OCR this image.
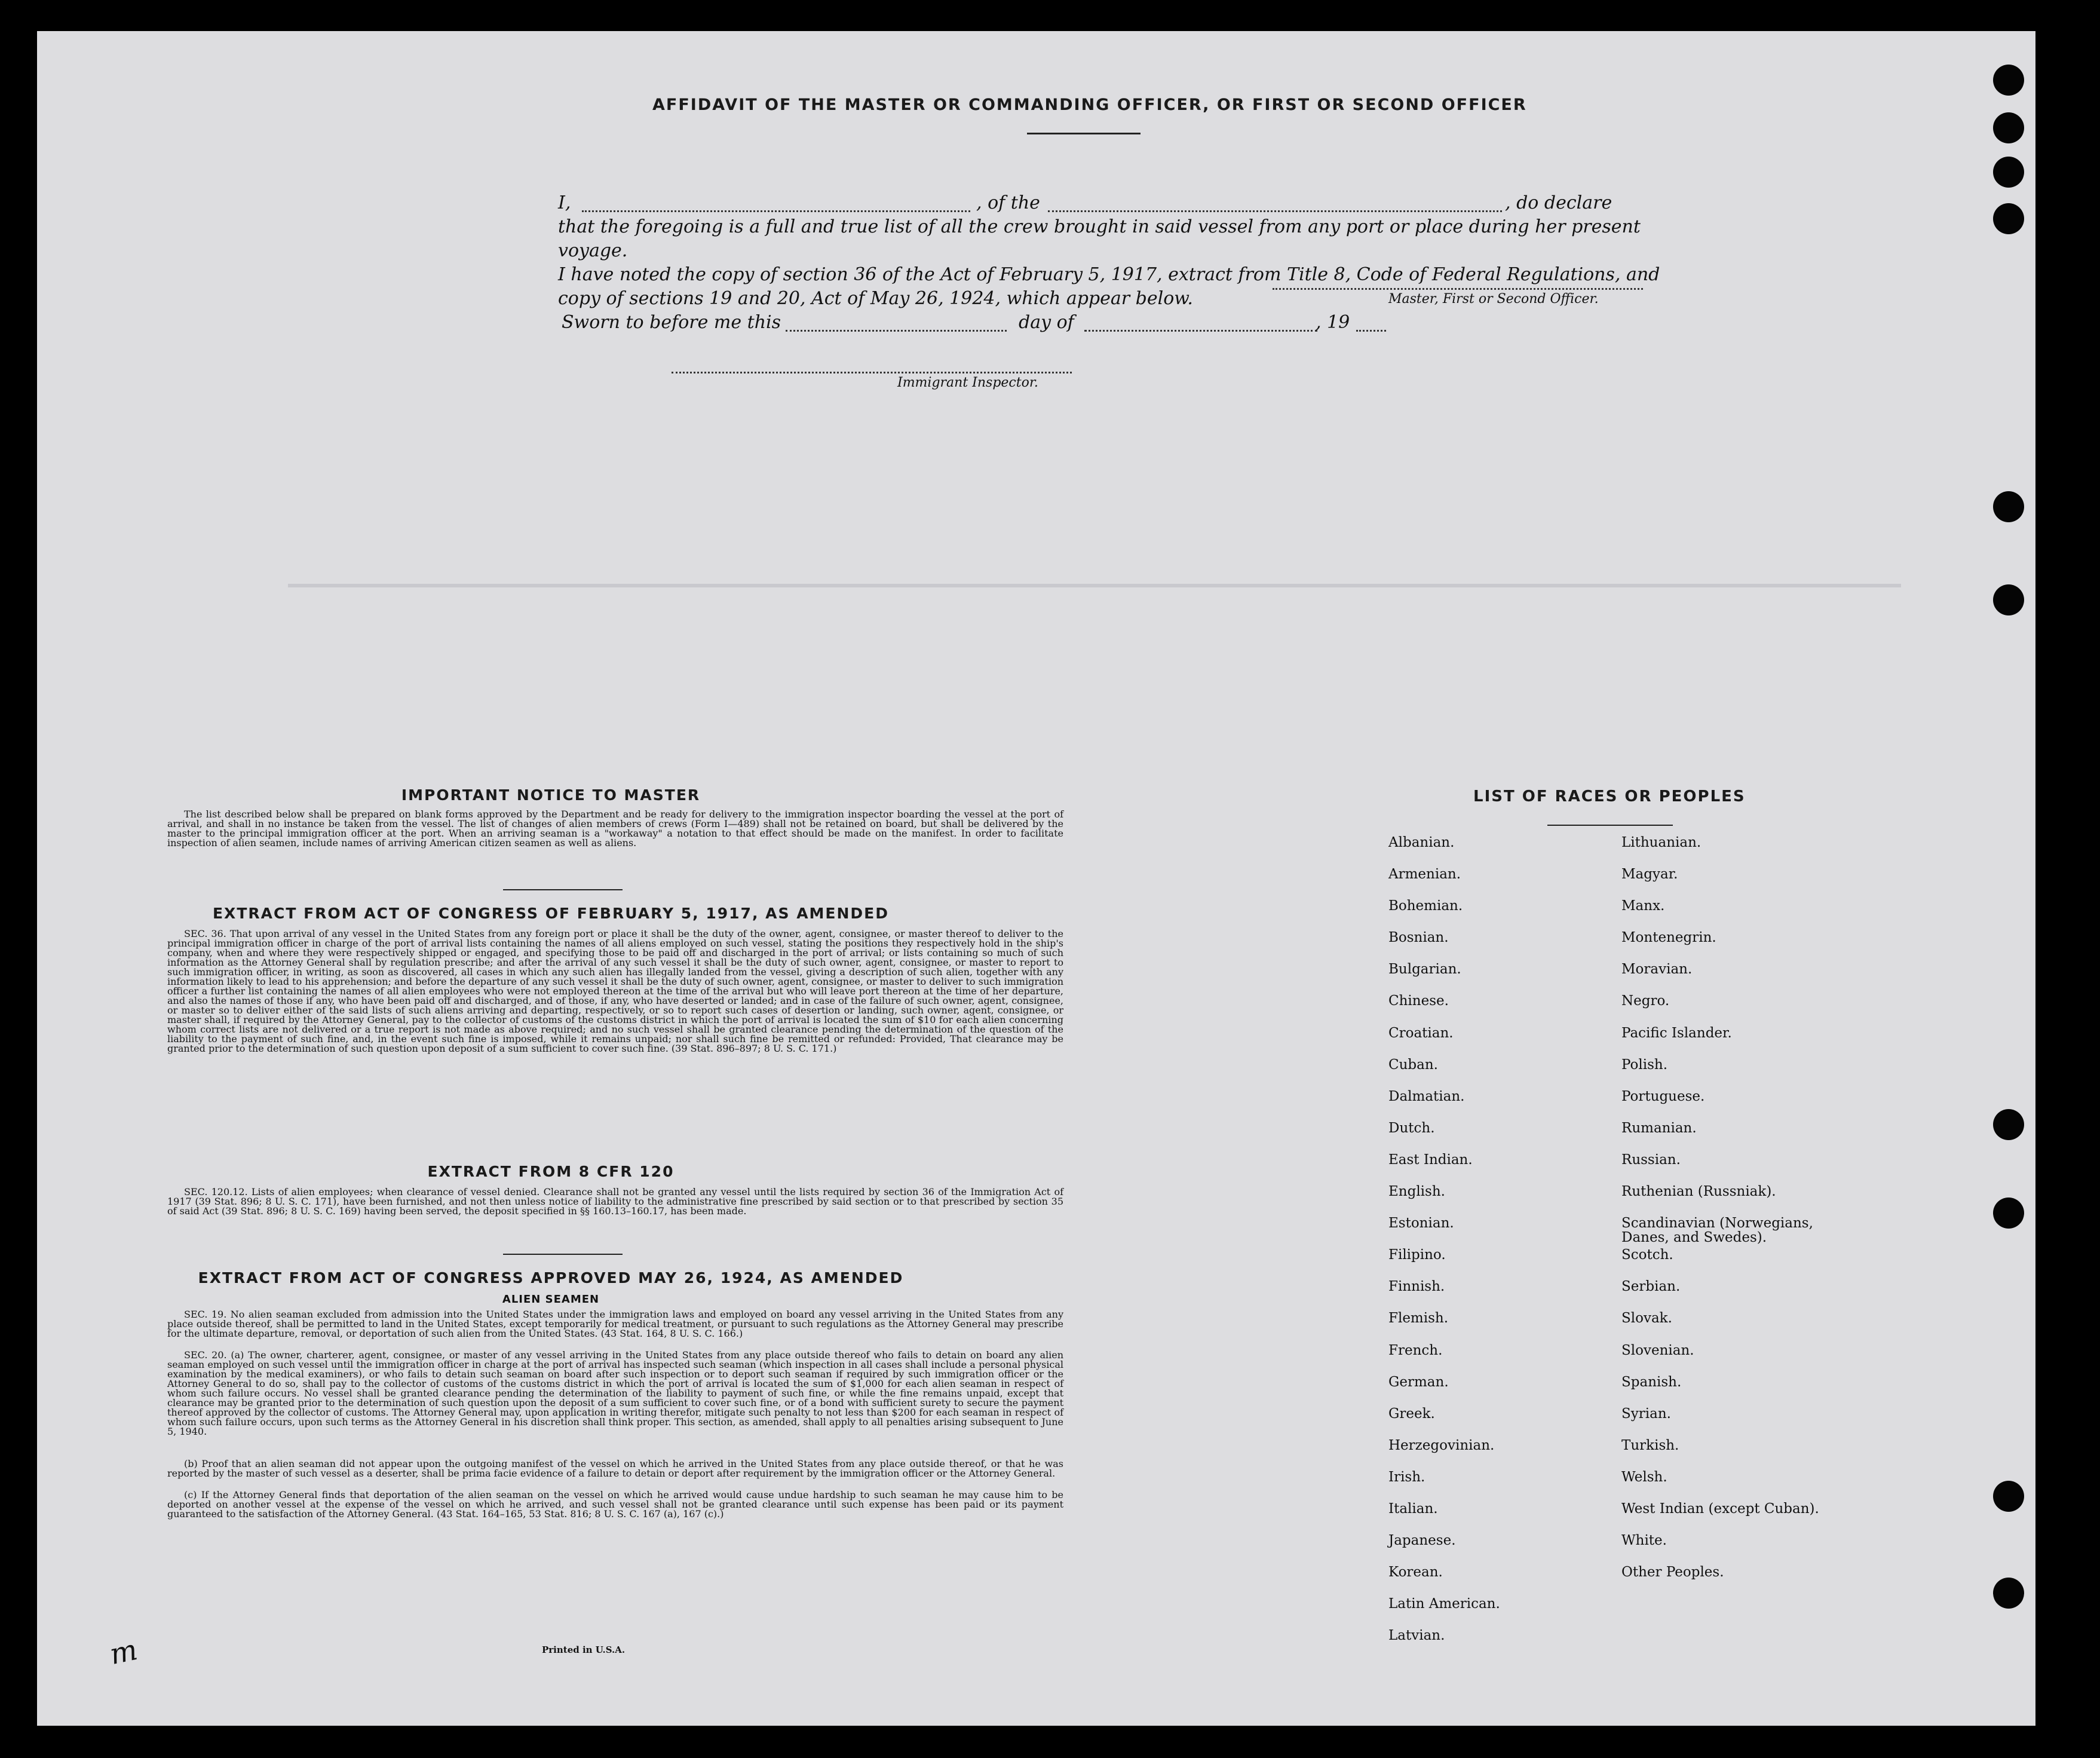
AFFIDAVIT OF THE MASTER OR COMMANDING OFFICER, OR FIRST OR SECOND OFFICER
I,	, of the	, do declare
that the foregoing is a full and true list of all the crew brought in said vessel from any port or place during her present voyage.
I have noted the copy of section 36 of the Act of February 5, 1917, extract from Title 8, Code of Federal Regulations, and
copy of sections 19 and 20, Act of May 26, 1924, which appear below.	Master, First or Second Officer.
Sworn to before me this	day of	, 19
Immigrant Inspector.
IMPORTANT NOTICE TO MASTER
The list described below shall be prepared on blank forms approved by the Department and be ready for delivery to the immigration inspector boarding the vessel at the port of arrival, and shall in no instance be taken from the vessel. The list of changes of alien members of crews (Form I—489) shall not be retained on board, but shall be delivered by the master to the principal immigration officer at the port. When an arriving seaman is a "workaway" a notation to that effect should be made on the manifest. In order to facilitate inspection of alien seamen, include names of arriving American citizen seamen as well as aliens.
EXTRACT FROM ACT OF CONGRESS OF FEBRUARY 5, 1917, AS AMENDED
SEC. 36. That upon arrival of any vessel in the United States from any foreign port or place it shall be the duty of the owner, agent, consignee, or master thereof to deliver to the principal immigration officer in charge of the port of arrival lists containing the names of all aliens employed on such vessel, stating the positions they respectively hold in the ship's company, when and where they were respectively shipped or engaged, and specifying those to be paid off and discharged in the port of arrival; or lists containing so much of such information as the Attorney General shall by regulation prescribe; and after the arrival of any such vessel it shall be the duty of such owner, agent, consignee, or master to report to such immigration officer, in writing, as soon as discovered, all cases in which any such alien has illegally landed from the vessel, giving a description of such alien, together with any information likely to lead to his apprehension; and before the departure of any such vessel it shall be the duty of such owner, agent, consignee, or master to deliver to such immigration officer a further list containing the names of all alien employees who were not employed thereon at the time of the arrival but who will leave port thereon at the time of her departure, and also the names of those if any, who have been paid off and discharged, and of those, if any, who have deserted or landed; and in case of the failure of such owner, agent, consignee, or master so to deliver either of the said lists of such aliens arriving and departing, respectively, or so to report such cases of desertion or landing, such owner, agent, consignee, or master shall, if required by the Attorney General, pay to the collector of customs of the customs district in which the port of arrival is located the sum of $10 for each alien concerning whom correct lists are not delivered or a true report is not made as above required; and no such vessel shall be granted clearance pending the determination of the question of the liability to the payment of such fine, and, in the event such fine is imposed, while it remains unpaid; nor shall such fine be remitted or refunded: Provided, That clearance may be granted prior to the determination of such question upon deposit of a sum sufficient to cover such fine. (39 Stat. 896–897; 8 U. S. C. 171.)
EXTRACT FROM 8 CFR 120
SEC. 120.12. Lists of alien employees; when clearance of vessel denied. Clearance shall not be granted any vessel until the lists required by section 36 of the Immigration Act of 1917 (39 Stat. 896; 8 U. S. C. 171), have been furnished, and not then unless notice of liability to the administrative fine prescribed by said section or to that prescribed by section 35 of said Act (39 Stat. 896; 8 U. S. C. 169) having been served, the deposit specified in §§ 160.13–160.17, has been made.
EXTRACT FROM ACT OF CONGRESS APPROVED MAY 26, 1924, AS AMENDED
ALIEN SEAMEN
SEC. 19. No alien seaman excluded from admission into the United States under the immigration laws and employed on board any vessel arriving in the United States from any place outside thereof, shall be permitted to land in the United States, except temporarily for medical treatment, or pursuant to such regulations as the Attorney General may prescribe for the ultimate departure, removal, or deportation of such alien from the United States. (43 Stat. 164, 8 U. S. C. 166.)
SEC. 20. (a) The owner, charterer, agent, consignee, or master of any vessel arriving in the United States from any place outside thereof who fails to detain on board any alien seaman employed on such vessel until the immigration officer in charge at the port of arrival has inspected such seaman (which inspection in all cases shall include a personal physical examination by the medical examiners), or who fails to detain such seaman on board after such inspection or to deport such seaman if required by such immigration officer or the Attorney General to do so, shall pay to the collector of customs of the customs district in which the port of arrival is located the sum of $1,000 for each alien seaman in respect of whom such failure occurs. No vessel shall be granted clearance pending the determination of the liability to payment of such fine, or while the fine remains unpaid, except that clearance may be granted prior to the determination of such question upon the deposit of a sum sufficient to cover such fine, or of a bond with sufficient surety to secure the payment thereof approved by the collector of customs. The Attorney General may, upon application in writing therefor, mitigate such penalty to not less than $200 for each seaman in respect of whom such failure occurs, upon such terms as the Attorney General in his discretion shall think proper. This section, as amended, shall apply to all penalties arising subsequent to June 5, 1940.
(b) Proof that an alien seaman did not appear upon the outgoing manifest of the vessel on which he arrived in the United States from any place outside thereof, or that he was reported by the master of such vessel as a deserter, shall be prima facie evidence of a failure to detain or deport after requirement by the immigration officer or the Attorney General.
(c) If the Attorney General finds that deportation of the alien seaman on the vessel on which he arrived would cause undue hardship to such seaman he may cause him to be deported on another vessel at the expense of the vessel on which he arrived, and such vessel shall not be granted clearance until such expense has been paid or its payment guaranteed to the satisfaction of the Attorney General. (43 Stat. 164–165, 53 Stat. 816; 8 U. S. C. 167 (a), 167 (c).)
Printed in U.S.A.
m
LIST OF RACES OR PEOPLES
Albanian.
Armenian.
Bohemian.
Bosnian.
Bulgarian.
Chinese.
Croatian.
Cuban.
Dalmatian.
Dutch.
East Indian.
English.
Estonian.
Filipino.
Finnish.
Flemish.
French.
German.
Greek.
Herzegovinian.
Irish.
Italian.
Japanese.
Korean.
Latin American.
Latvian.
Lithuanian.
Magyar.
Manx.
Montenegrin.
Moravian.
Negro.
Pacific Islander.
Polish.
Portuguese.
Rumanian.
Russian.
Ruthenian (Russniak).
Scandinavian (Norwegians,
Danes, and Swedes).
Scotch.
Serbian.
Slovak.
Slovenian.
Spanish.
Syrian.
Turkish.
Welsh.
West Indian (except Cuban).
White.
Other Peoples.
